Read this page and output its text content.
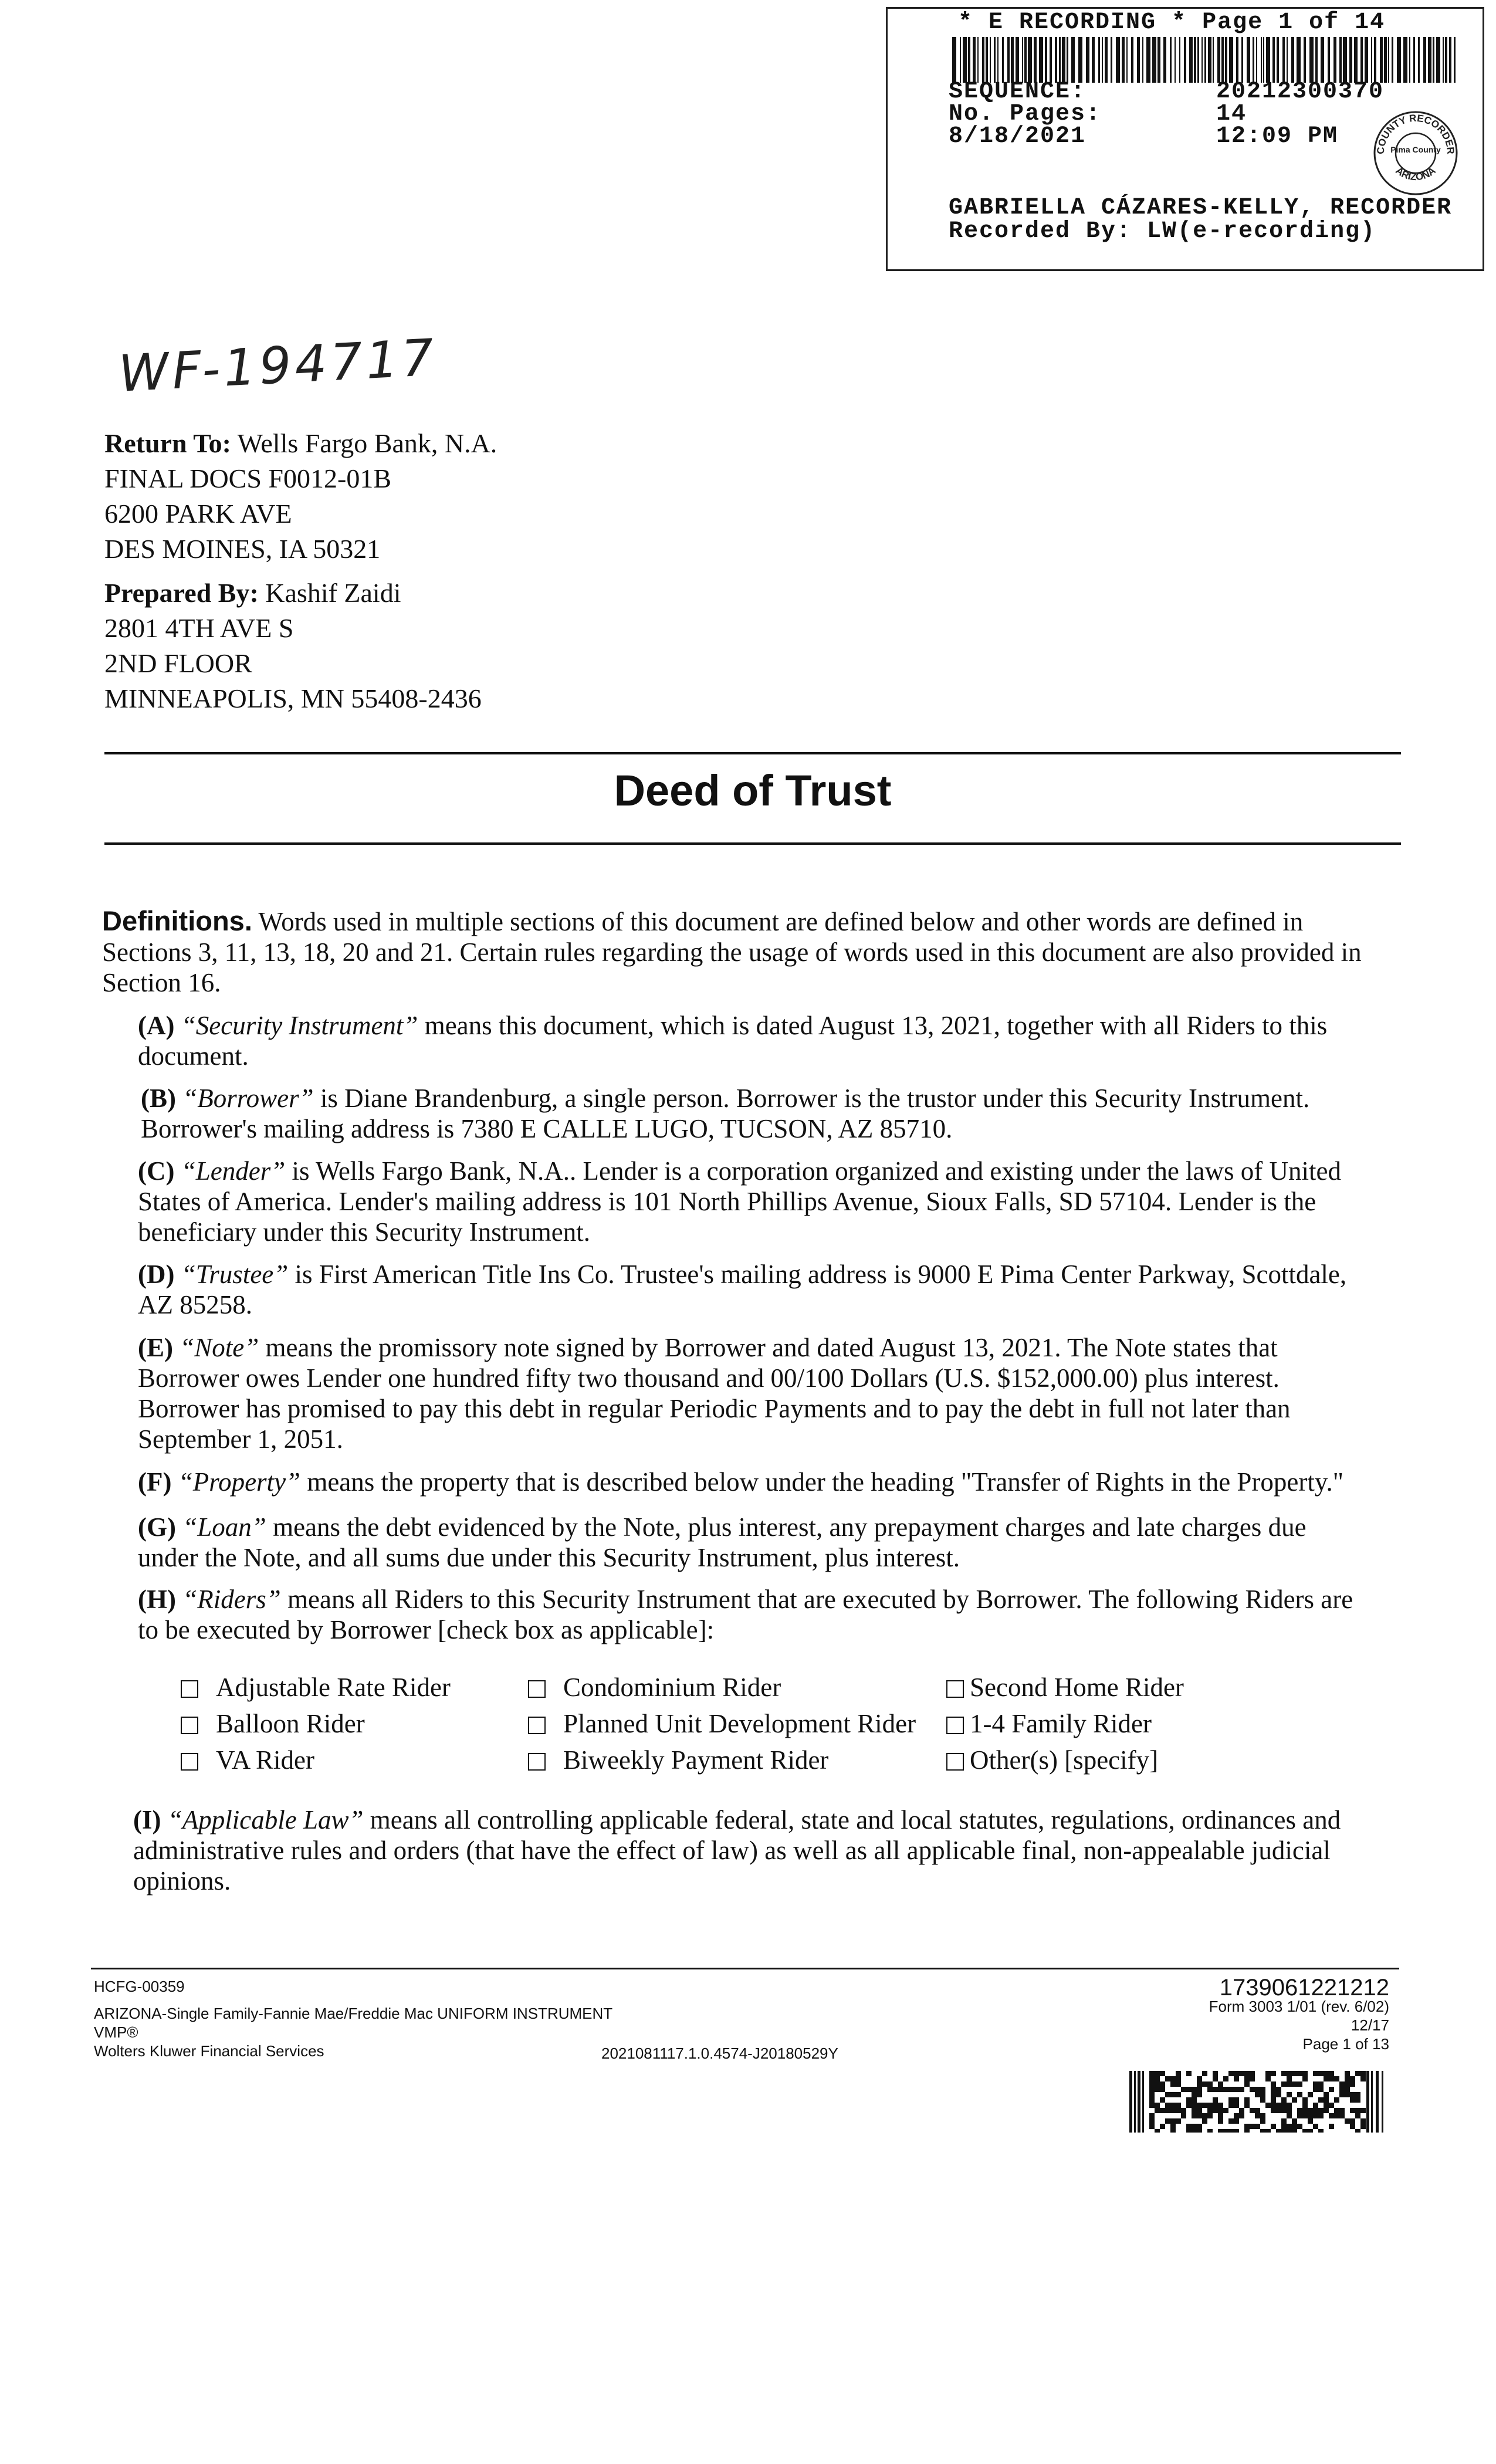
* E RECORDING * Page 1 of 14
SEQUENCE:	20212300370
No. Pages:	14
8/18/2021	12:09 PM
COUNTY RECORDER
Pima County
ARIZONA
GABRIELLA CÁZARES-KELLY, RECORDER
Recorded By: LW(e-recording)
WF-194717
Return To: Wells Fargo Bank, N.A.
FINAL DOCS F0012-01B
6200 PARK AVE
DES MOINES, IA 50321
Prepared By: Kashif Zaidi
2801 4TH AVE S
2ND FLOOR
MINNEAPOLIS, MN 55408-2436
Deed of Trust
Definitions. Words used in multiple sections of this document are defined below and other words are defined in
Sections 3, 11, 13, 18, 20 and 21. Certain rules regarding the usage of words used in this document are also provided in
Section 16.
(A) “Security Instrument” means this document, which is dated August 13, 2021, together with all Riders to this
document.
(B) “Borrower” is Diane Brandenburg, a single person. Borrower is the trustor under this Security Instrument.
Borrower's mailing address is 7380 E CALLE LUGO, TUCSON, AZ 85710.
(C) “Lender” is Wells Fargo Bank, N.A.. Lender is a corporation organized and existing under the laws of United
States of America. Lender's mailing address is 101 North Phillips Avenue, Sioux Falls, SD 57104. Lender is the
beneficiary under this Security Instrument.
(D) “Trustee” is First American Title Ins Co. Trustee's mailing address is 9000 E Pima Center Parkway, Scottdale,
AZ 85258.
(E) “Note” means the promissory note signed by Borrower and dated August 13, 2021. The Note states that
Borrower owes Lender one hundred fifty two thousand and 00/100 Dollars (U.S. $152,000.00) plus interest.
Borrower has promised to pay this debt in regular Periodic Payments and to pay the debt in full not later than
September 1, 2051.
(F) “Property” means the property that is described below under the heading "Transfer of Rights in the Property."
(G) “Loan” means the debt evidenced by the Note, plus interest, any prepayment charges and late charges due
under the Note, and all sums due under this Security Instrument, plus interest.
(H) “Riders” means all Riders to this Security Instrument that are executed by Borrower. The following Riders are
to be executed by Borrower [check box as applicable]:
Adjustable Rate Rider	Condominium Rider	Second Home Rider
Balloon Rider	Planned Unit Development Rider	1-4 Family Rider
VA Rider	Biweekly Payment Rider	Other(s) [specify]
(I) “Applicable Law” means all controlling applicable federal, state and local statutes, regulations, ordinances and
administrative rules and orders (that have the effect of law) as well as all applicable final, non-appealable judicial
opinions.
HCFG-00359
ARIZONA-Single Family-Fannie Mae/Freddie Mac UNIFORM INSTRUMENT
VMP®
Wolters Kluwer Financial Services	2021081117.1.0.4574-J20180529Y
1739061221212
Form 3003 1/01 (rev. 6/02)
12/17
Page 1 of 13
